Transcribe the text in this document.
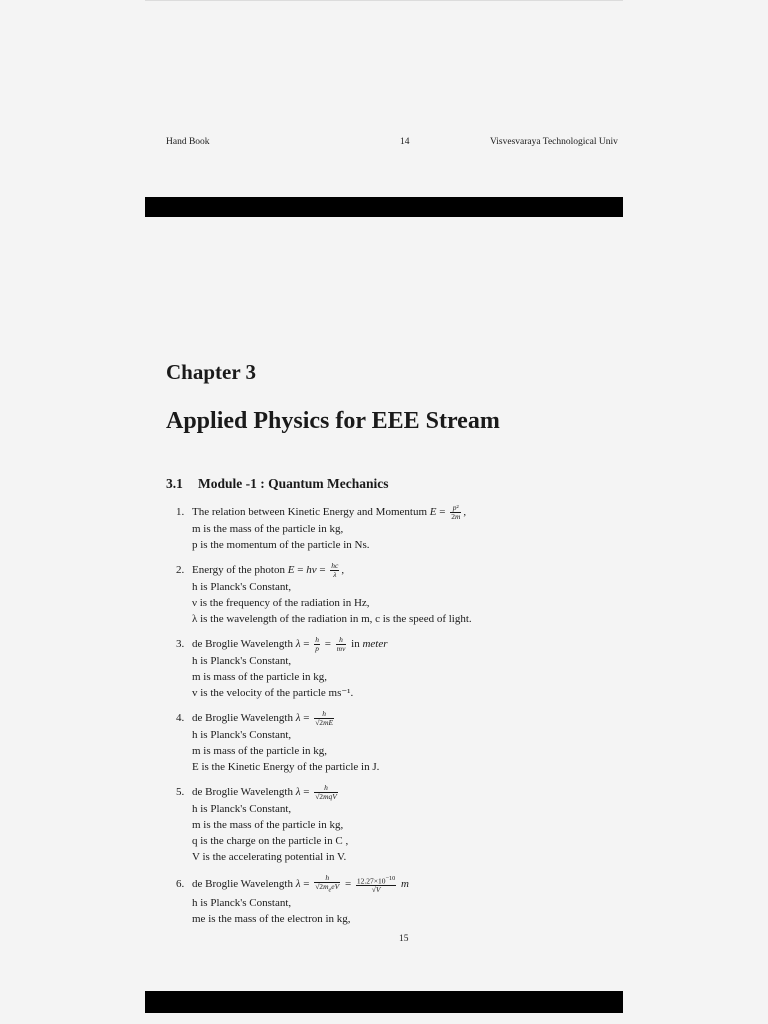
Hand Book	14	Visvesvaraya Technological Univ
Chapter 3
Applied Physics for EEE Stream
3.1 Module -1 : Quantum Mechanics
1. The relation between Kinetic Energy and Momentum $E = \frac{\text{p²}}{2m}$ ,
m is the mass of the particle in kg,
p is the momentum of the particle in Ns.
2. Energy of the photon $E = h\nu = \frac{hc}{\lambda}$ ,
h is Planck's Constant,
ν is the frequency of the radiation in Hz,
λ is the wavelength of the radiation in m, c is the speed of light.
3. de Broglie Wavelength $\lambda = \frac{h}{p} = \frac{h}{mv}$ in meter
h is Planck's Constant,
m is mass of the particle in kg,
v is the velocity of the particle ms⁻¹.
4. de Broglie Wavelength $\lambda = \frac{h}{√2mE}$
h is Planck's Constant,
m is mass of the particle in kg,
E is the Kinetic Energy of the particle in J.
5. de Broglie Wavelength $\lambda = \frac{h}{\text{√2mqV}}$
h is Planck's Constant,
m is the mass of the particle in kg,
q is the charge on the particle in C ,
V is the accelerating potential in V.
6. de Broglie Wavelength $\lambda = \frac{h}{√2m_eeV} = \frac{12.27\times 10^{-10}}{√V}$ m
h is Planck's Constant,
me is the mass of the electron in kg,
15
